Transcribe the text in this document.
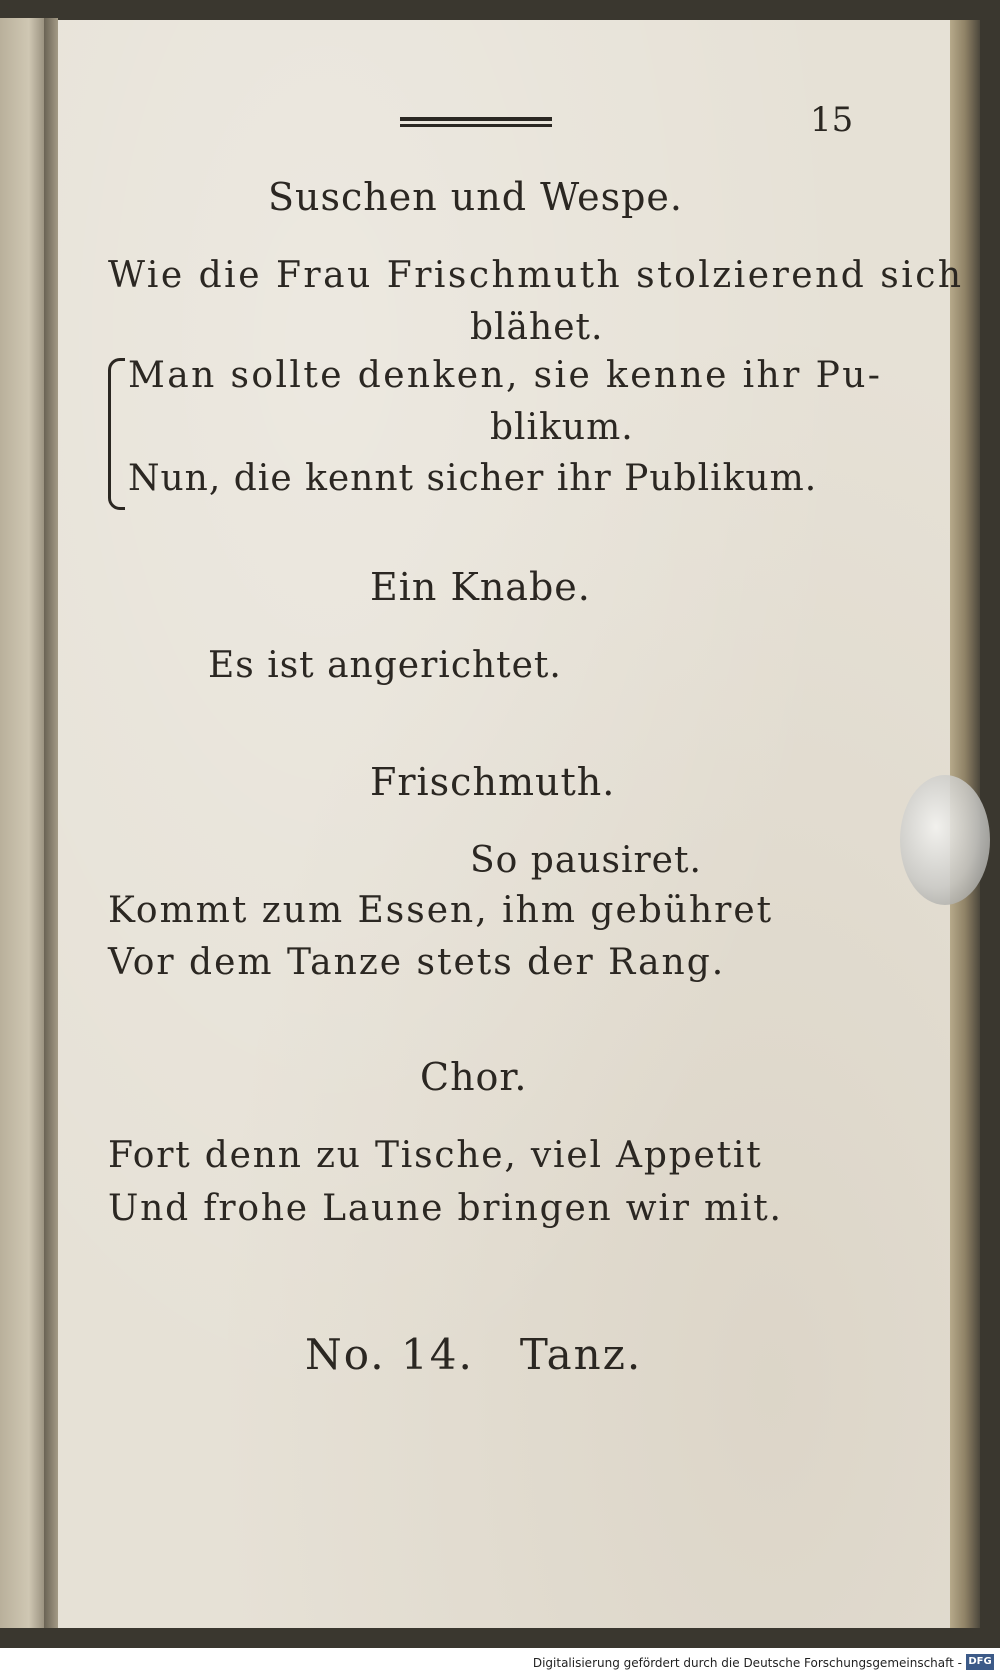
15
Suschen und Wespe.
Wie die Frau Frischmuth stolzierend sich
blähet.
Man sollte denken, sie kenne ihr Pu-
blikum.
Nun, die kennt sicher ihr Publikum.
Ein Knabe.
Es ist angerichtet.
Frischmuth.
So pausiret.
Kommt zum Essen, ihm gebühret
Vor dem Tanze stets der Rang.
Chor.
Fort denn zu Tische, viel Appetit
Und frohe Laune bringen wir mit.
No. 14.   Tanz.
Digitalisierung gefördert durch die Deutsche Forschungsgemeinschaft - DFG
